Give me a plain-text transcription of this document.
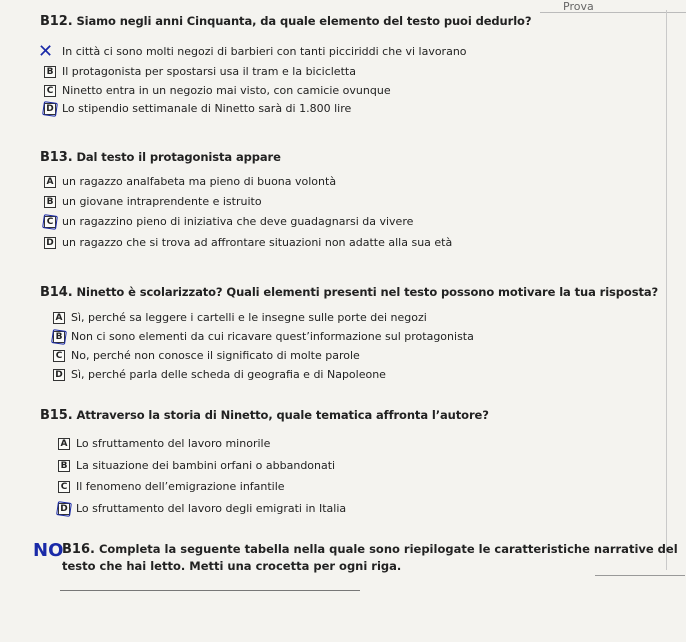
Prova
B12. Siamo negli anni Cinquanta, da quale elemento del testo puoi dedurlo?
✕ In città ci sono molti negozi di barbieri con tanti picciriddi che vi lavorano
B Il protagonista per spostarsi usa il tram e la bicicletta
C Ninetto entra in un negozio mai visto, con camicie ovunque
D Lo stipendio settimanale di Ninetto sarà di 1.800 lire
B13. Dal testo il protagonista appare
A un ragazzo analfabeta ma pieno di buona volontà
B un giovane intraprendente e istruito
C un ragazzino pieno di iniziativa che deve guadagnarsi da vivere
D un ragazzo che si trova ad affrontare situazioni non adatte alla sua età
B14. Ninetto è scolarizzato? Quali elementi presenti nel testo possono motivare la tua risposta?
A Sì, perché sa leggere i cartelli e le insegne sulle porte dei negozi
B Non ci sono elementi da cui ricavare quest’informazione sul protagonista
C No, perché non conosce il significato di molte parole
D Sì, perché parla delle scheda di geografia e di Napoleone
B15. Attraverso la storia di Ninetto, quale tematica affronta l’autore?
A Lo sfruttamento del lavoro minorile
B La situazione dei bambini orfani o abbandonati
C Il fenomeno dell’emigrazione infantile
D Lo sfruttamento del lavoro degli emigrati in Italia
NO
B16. Completa la seguente tabella nella quale sono riepilogate le caratteristiche narrative del
testo che hai letto. Metti una crocetta per ogni riga.
